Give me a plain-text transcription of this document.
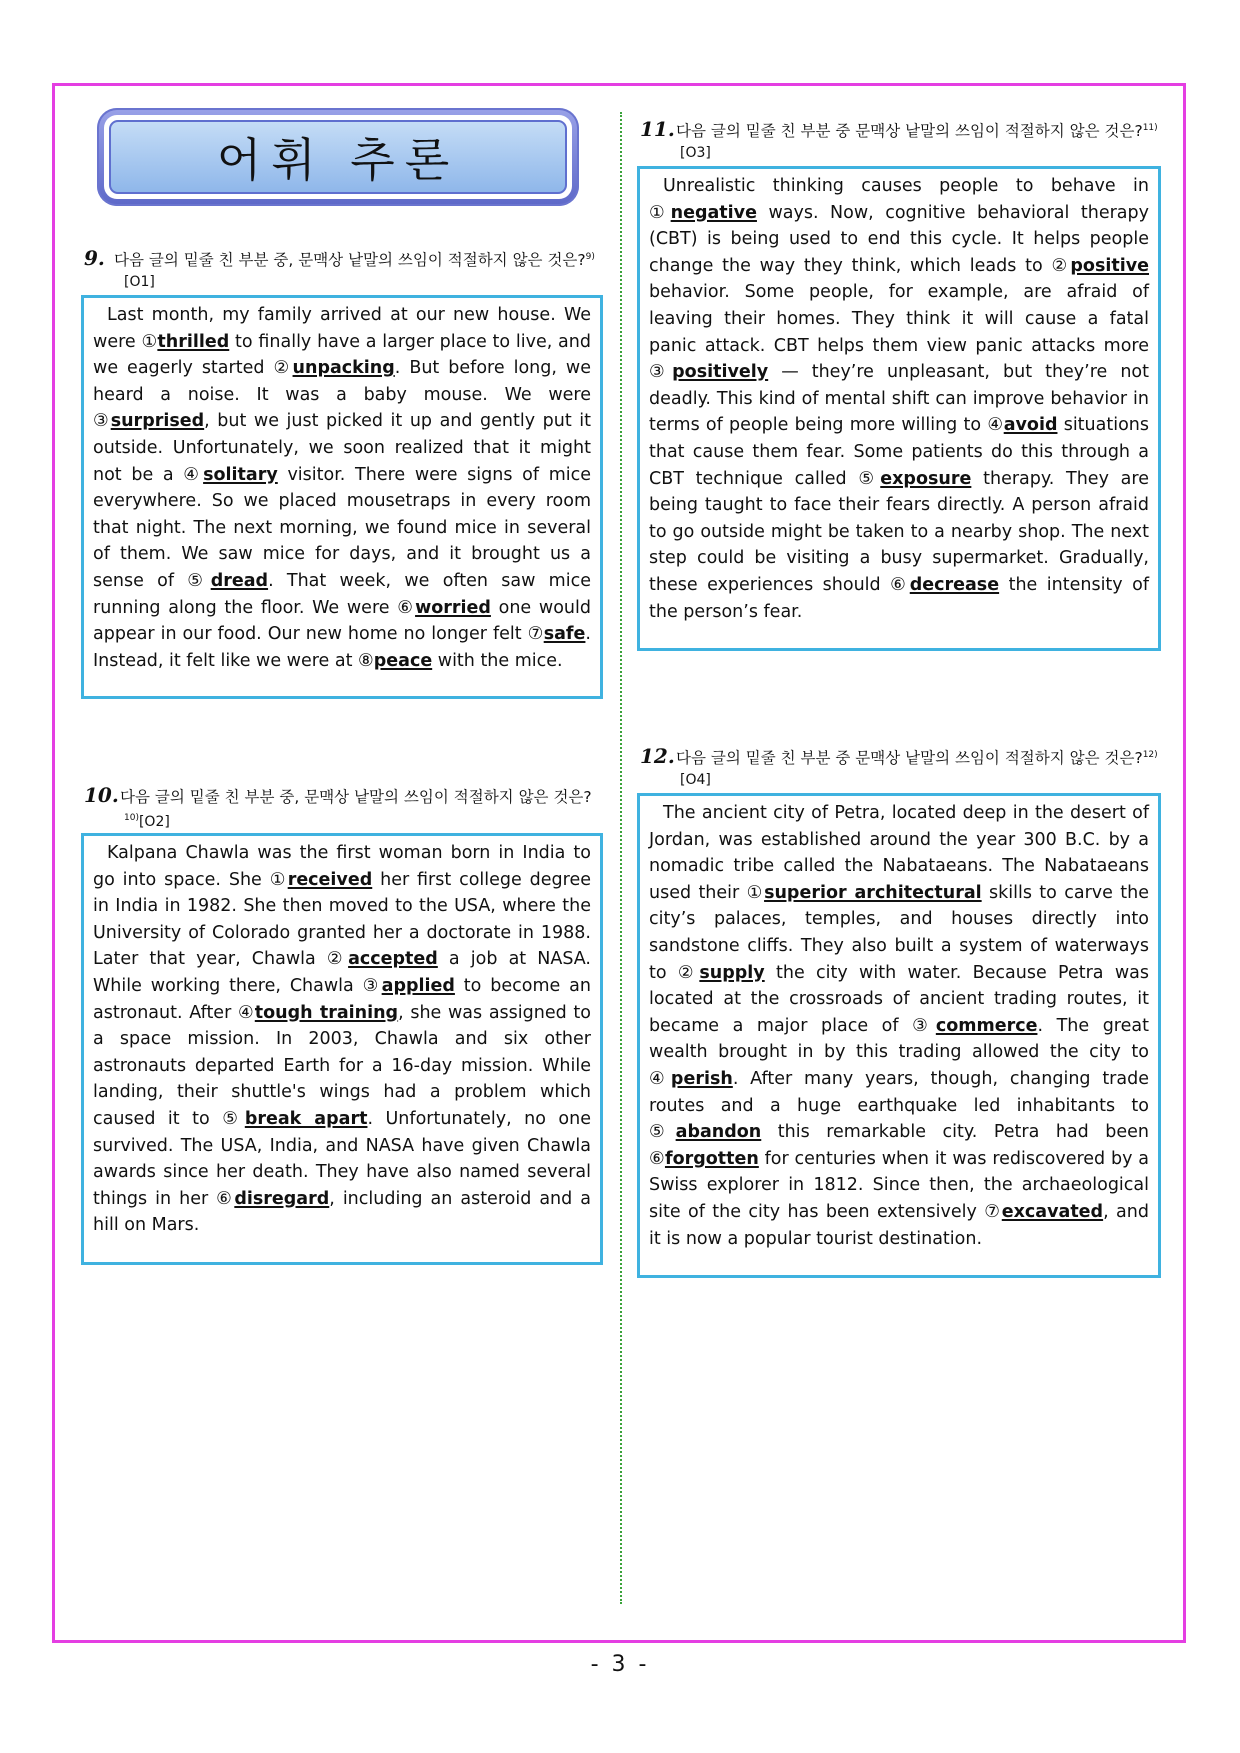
어휘 추론
9. 다음 글의 밑줄 친 부분 중, 문맥상 낱말의 쓰임이 적절하지 않은 것은?$^{9)}$[O1]
Last month, my family arrived at our new house. We were ①thrilled to finally have a larger place to live, and we eagerly started ②unpacking. But before long, we heard a noise. It was a baby mouse. We were ③surprised, but we just picked it up and gently put it outside. Unfortunately, we soon realized that it might not be a ④solitary visitor. There were signs of mice everywhere. So we placed mousetraps in every room that night. The next morning, we found mice in several of them. We saw mice for days, and it brought us a sense of ⑤dread. That week, we often saw mice running along the floor. We were ⑥worried one would appear in our food. Our new home no longer felt ⑦safe. Instead, it felt like we were at ⑧peace with the mice.
10.다음 글의 밑줄 친 부분 중, 문맥상 낱말의 쓰임이 적절하지 않은 것은?$^{10)}$[O2]
Kalpana Chawla was the first woman born in India to go into space. She ①received her first college degree in India in 1982. She then moved to the USA, where the University of Colorado granted her a doctorate in 1988. Later that year, Chawla ②accepted a job at NASA. While working there, Chawla ③applied to become an astronaut. After ④tough training, she was assigned to a space mission. In 2003, Chawla and six other astronauts departed Earth for a 16-day mission. While landing, their shuttle's wings had a problem which caused it to ⑤break apart. Unfortunately, no one survived. The USA, India, and NASA have given Chawla awards since her death. They have also named several things in her ⑥disregard, including an asteroid and a hill on Mars.
11.다음 글의 밑줄 친 부분 중 문맥상 낱말의 쓰임이 적절하지 않은 것은?$^{11)}$[O3]
Unrealistic thinking causes people to behave in ①negative ways. Now, cognitive behavioral therapy (CBT) is being used to end this cycle. It helps people change the way they think, which leads to ②positive behavior. Some people, for example, are afraid of leaving their homes. They think it will cause a fatal panic attack. CBT helps them view panic attacks more ③positively — they’re unpleasant, but they’re not deadly. This kind of mental shift can improve behavior in terms of people being more willing to ④avoid situations that cause them fear. Some patients do this through a CBT technique called ⑤exposure therapy. They are being taught to face their fears directly. A person afraid to go outside might be taken to a nearby shop. The next step could be visiting a busy supermarket. Gradually, these experiences should ⑥decrease the intensity of the person’s fear.
12.다음 글의 밑줄 친 부분 중 문맥상 낱말의 쓰임이 적절하지 않은 것은?$^{12)}$[O4]
The ancient city of Petra, located deep in the desert of Jordan, was established around the year 300 B.C. by a nomadic tribe called the Nabataeans. The Nabataeans used their ①superior architectural skills to carve the city’s palaces, temples, and houses directly into sandstone cliffs. They also built a system of waterways to ②supply the city with water. Because Petra was located at the crossroads of ancient trading routes, it became a major place of ③commerce. The great wealth brought in by this trading allowed the city to ④perish. After many years, though, changing trade routes and a huge earthquake led inhabitants to ⑤abandon this remarkable city. Petra had been ⑥forgotten for centuries when it was rediscovered by a Swiss explorer in 1812. Since then, the archaeological site of the city has been extensively ⑦excavated, and it is now a popular tourist destination.
- 3 -
